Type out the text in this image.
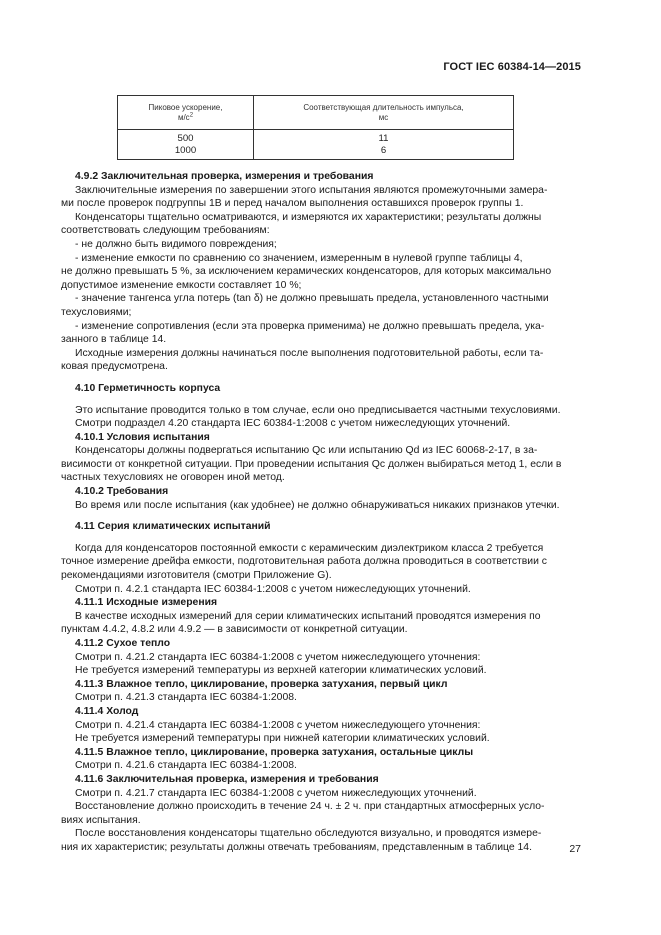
ГОСТ IEC 60384-14—2015
Пиковое ускорение,
$м/с^2$	Соответствующая длительность импульса,
мс

500	11
1000	6
4.9.2 Заключительная проверка, измерения и требования
Заключительные измерения по завершении этого испытания являются промежуточными замера-
ми после проверок подгруппы 1B и перед началом выполнения оставшихся проверок группы 1.
Конденсаторы тщательно осматриваются, и измеряются их характеристики; результаты должны
соответствовать следующим требованиям:
- не должно быть видимого повреждения;
- изменение емкости по сравнению со значением, измеренным в нулевой группе таблицы 4,
не должно превышать 5 %, за исключением керамических конденсаторов, для которых максимально
допустимое изменение емкости составляет 10 %;
- значение тангенса угла потерь (tan δ) не должно превышать предела, установленного частными
техусловиями;
- изменение сопротивления (если эта проверка применима) не должно превышать предела, ука-
занного в таблице 14.
Исходные измерения должны начинаться после выполнения подготовительной работы, если та-
ковая предусмотрена.
4.10 Герметичность корпуса
Это испытание проводится только в том случае, если оно предписывается частными техусловиями.
Смотри подраздел 4.20 стандарта IEC 60384-1:2008 с учетом нижеследующих уточнений.
4.10.1 Условия испытания
Конденсаторы должны подвергаться испытанию Qc или испытанию Qd из IEC 60068-2-17, в за-
висимости от конкретной ситуации. При проведении испытания Qc должен выбираться метод 1, если в
частных техусловиях не оговорен иной метод.
4.10.2 Требования
Во время или после испытания (как удобнее) не должно обнаруживаться никаких признаков утечки.
4.11 Серия климатических испытаний
Когда для конденсаторов постоянной емкости с керамическим диэлектриком класса 2 требуется
точное измерение дрейфа емкости, подготовительная работа должна проводиться в соответствии с
рекомендациями изготовителя (смотри Приложение G).
Смотри п. 4.2.1 стандарта IEC 60384-1:2008 с учетом нижеследующих уточнений.
4.11.1 Исходные измерения
В качестве исходных измерений для серии климатических испытаний проводятся измерения по
пунктам 4.4.2, 4.8.2 или 4.9.2 — в зависимости от конкретной ситуации.
4.11.2 Сухое тепло
Смотри п. 4.21.2 стандарта IEC 60384-1:2008 с учетом нижеследующего уточнения:
Не требуется измерений температуры из верхней категории климатических условий.
4.11.3 Влажное тепло, циклирование, проверка затухания, первый цикл
Смотри п. 4.21.3 стандарта IEC 60384-1:2008.
4.11.4 Холод
Смотри п. 4.21.4 стандарта IEC 60384-1:2008 с учетом нижеследующего уточнения:
Не требуется измерений температуры при нижней категории климатических условий.
4.11.5 Влажное тепло, циклирование, проверка затухания, остальные циклы
Смотри п. 4.21.6 стандарта IEC 60384-1:2008.
4.11.6 Заключительная проверка, измерения и требования
Смотри п. 4.21.7 стандарта IEC 60384-1:2008 с учетом нижеследующих уточнений.
Восстановление должно происходить в течение 24 ч. ± 2 ч. при стандартных атмосферных усло-
виях испытания.
После восстановления конденсаторы тщательно обследуются визуально, и проводятся измере-
ния их характеристик; результаты должны отвечать требованиям, представленным в таблице 14.	27
